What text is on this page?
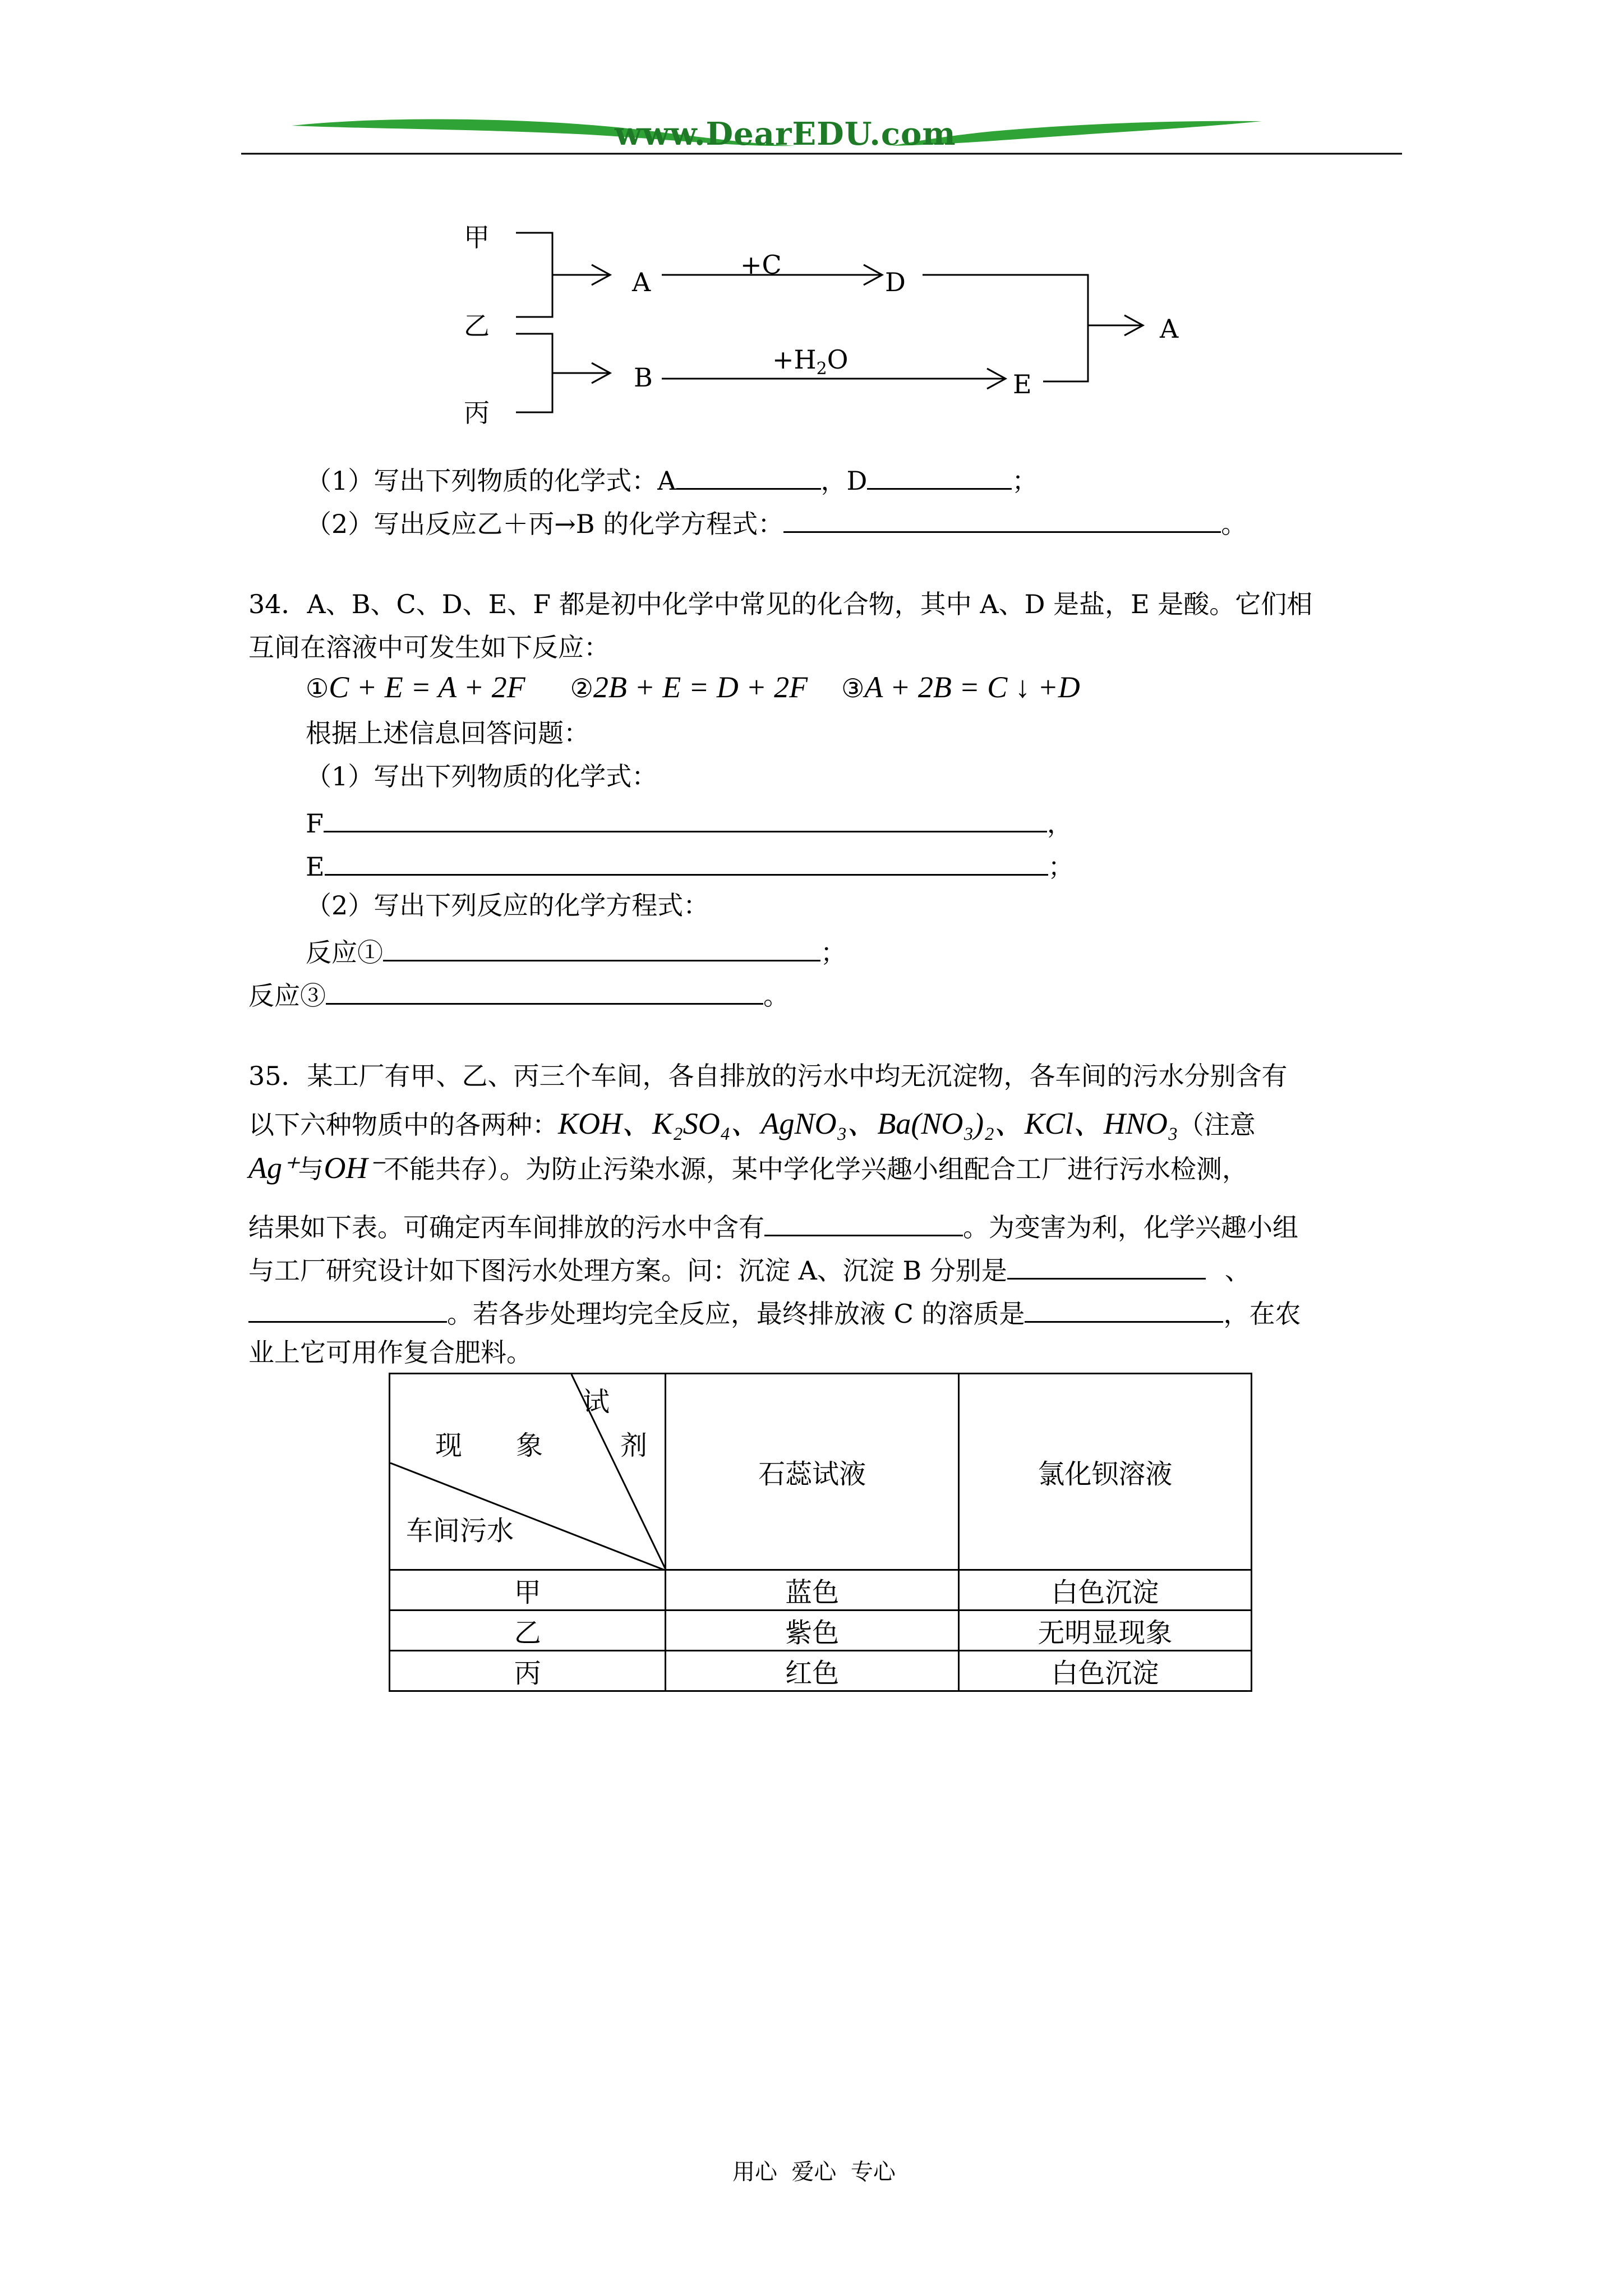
www.DearEDU.com
甲
乙
丙
A
+C
D
B
$+H_2O$
E
A
（1）写出下列物质的化学式：A	，D	；
（2）写出反应乙＋丙→B 的化学方程式：	。
34．A、B、C、D、E、F 都是初中化学中常见的化合物，其中 A、D 是盐，E 是酸。它们相
互间在溶液中可发生如下反应：
①C + E = A + 2F ②2B + E = D + 2F ③A + 2B = C ↓ +D
根据上述信息回答问题：
（1）写出下列物质的化学式：
F	，
E	；
（2）写出下列反应的化学方程式：
反应①	；
反应③	。
35．某工厂有甲、乙、丙三个车间，各自排放的污水中均无沉淀物，各车间的污水分别含有
以下六种物质中的各两种：KOH、K₂SO₄、AgNO₃、Ba(NO₃)₂、KCl、HNO₃（注意
Ag⁺与OH⁻不能共存）。为防止污染水源，某中学化学兴趣小组配合工厂进行污水检测，
结果如下表。可确定丙车间排放的污水中含有	。为变害为利，化学兴趣小组
与工厂研究设计如下图污水处理方案。问：沉淀 A、沉淀 B 分别是	、
。若各步处理均完全反应，最终排放液 C 的溶质是	，在农
业上它可用作复合肥料。
试
剂
现　　象
车间污水	石蕊试液	氯化钡溶液
甲	蓝色	白色沉淀
乙	紫色	无明显现象
丙	红色	白色沉淀
用心  爱心  专心
